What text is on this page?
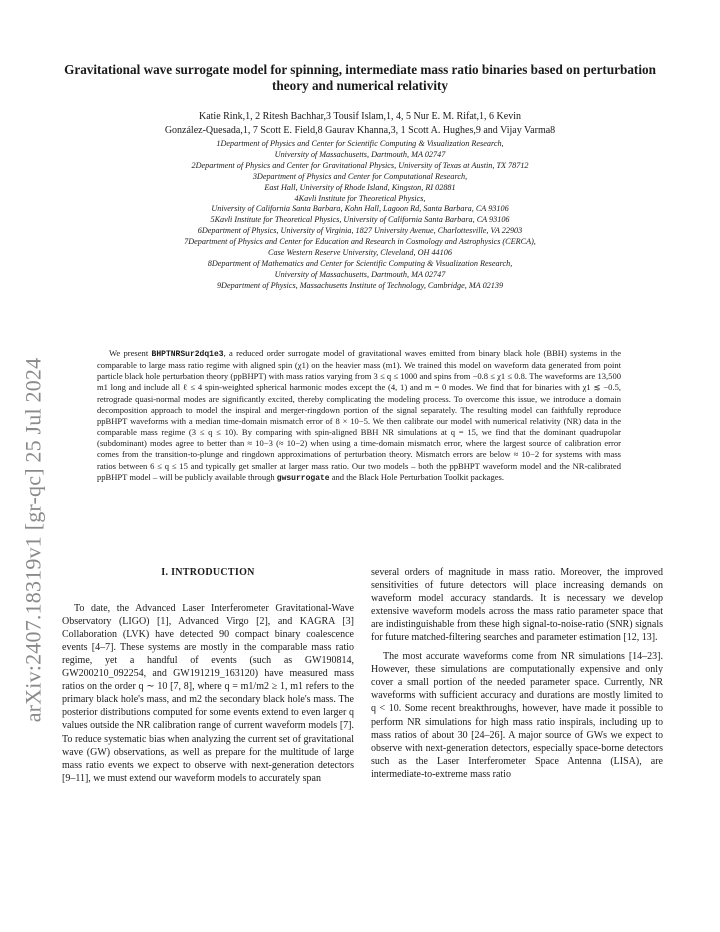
arXiv:2407.18319v1 [gr-qc] 25 Jul 2024
Gravitational wave surrogate model for spinning, intermediate mass ratio binaries based on perturbation theory and numerical relativity
Katie Rink,1, 2 Ritesh Bachhar,3 Tousif Islam,1, 4, 5 Nur E. M. Rifat,1, 6 Kevin
González-Quesada,1, 7 Scott E. Field,8 Gaurav Khanna,3, 1 Scott A. Hughes,9 and Vijay Varma8
1Department of Physics and Center for Scientific Computing & Visualization Research,
University of Massachusetts, Dartmouth, MA 02747
2Department of Physics and Center for Gravitational Physics, University of Texas at Austin, TX 78712
3Department of Physics and Center for Computational Research,
East Hall, University of Rhode Island, Kingston, RI 02881
4Kavli Institute for Theoretical Physics,
University of California Santa Barbara, Kohn Hall, Lagoon Rd, Santa Barbara, CA 93106
5Kavli Institute for Theoretical Physics, University of California Santa Barbara, CA 93106
6Department of Physics, University of Virginia, 1827 University Avenue, Charlottesville, VA 22903
7Department of Physics and Center for Education and Research in Cosmology and Astrophysics (CERCA),
Case Western Reserve University, Cleveland, OH 44106
8Department of Mathematics and Center for Scientific Computing & Visualization Research,
University of Massachusetts, Dartmouth, MA 02747
9Department of Physics, Massachusetts Institute of Technology, Cambridge, MA 02139

We present BHPTNRSur2dq1e3, a reduced order surrogate model of gravitational waves emitted from binary black hole (BBH) systems in the comparable to large mass ratio regime with aligned spin (χ1) on the heavier mass (m1). We trained this model on waveform data generated from point particle black hole perturbation theory (ppBHPT) with mass ratios varying from 3 ≤ q ≤ 1000 and spins from −0.8 ≤ χ1 ≤ 0.8. The waveforms are 13,500 m1 long and include all ℓ ≤ 4 spin-weighted spherical harmonic modes except the (4, 1) and m = 0 modes. We find that for binaries with χ1 ≲ −0.5, retrograde quasi-normal modes are significantly excited, thereby complicating the modeling process. To overcome this issue, we introduce a domain decomposition approach to model the inspiral and merger-ringdown portion of the signal separately. The resulting model can faithfully reproduce ppBHPT waveforms with a median time-domain mismatch error of 8 × 10−5. We then calibrate our model with numerical relativity (NR) data in the comparable mass regime (3 ≤ q ≤ 10). By comparing with spin-aligned BBH NR simulations at q = 15, we find that the dominant quadrupolar (subdominant) modes agree to better than ≈ 10−3 (≈ 10−2) when using a time-domain mismatch error, where the largest source of calibration error comes from the transition-to-plunge and ringdown approximations of perturbation theory. Mismatch errors are below ≈ 10−2 for systems with mass ratios between 6 ≤ q ≤ 15 and typically get smaller at larger mass ratio. Our two models – both the ppBHPT waveform model and the NR-calibrated ppBHPT model – will be publicly available through gwsurrogate and the Black Hole Perturbation Toolkit packages.

I. INTRODUCTION

To date, the Advanced Laser Interferometer Gravitational-Wave Observatory (LIGO) [1], Advanced Virgo [2], and KAGRA [3] Collaboration (LVK) have detected 90 compact binary coalescence events [4–7]. These systems are mostly in the comparable mass ratio regime, yet a handful of events (such as GW190814, GW200210_092254, and GW191219_163120) have measured mass ratios on the order q ∼ 10 [7, 8], where q = m1/m2 ≥ 1, m1 refers to the primary black hole's mass, and m2 the secondary black hole's mass. The posterior distributions computed for some events extend to even larger q values outside the NR calibration range of current waveform models [7]. To reduce systematic bias when analyzing the current set of gravitational wave (GW) observations, as well as prepare for the multitude of large mass ratio events we expect to observe with next-generation detectors [9–11], we must extend our waveform models to accurately span

several orders of magnitude in mass ratio. Moreover, the improved sensitivities of future detectors will place increasing demands on waveform model accuracy standards. It is necessary we develop extensive waveform models across the mass ratio parameter space that are indistinguishable from these high signal-to-noise-ratio (SNR) signals for future matched-filtering searches and parameter estimation [12, 13].

The most accurate waveforms come from NR simulations [14–23]. However, these simulations are computationally expensive and only cover a small portion of the needed parameter space. Currently, NR waveforms with sufficient accuracy and durations are mostly limited to q < 10. Some recent breakthroughs, however, have made it possible to perform NR simulations for high mass ratio inspirals, including up to mass ratios of about 30 [24–26]. A major source of GWs we expect to observe with next-generation detectors, especially space-borne detectors such as the Laser Interferometer Space Antenna (LISA), are intermediate-to-extreme mass ratio
